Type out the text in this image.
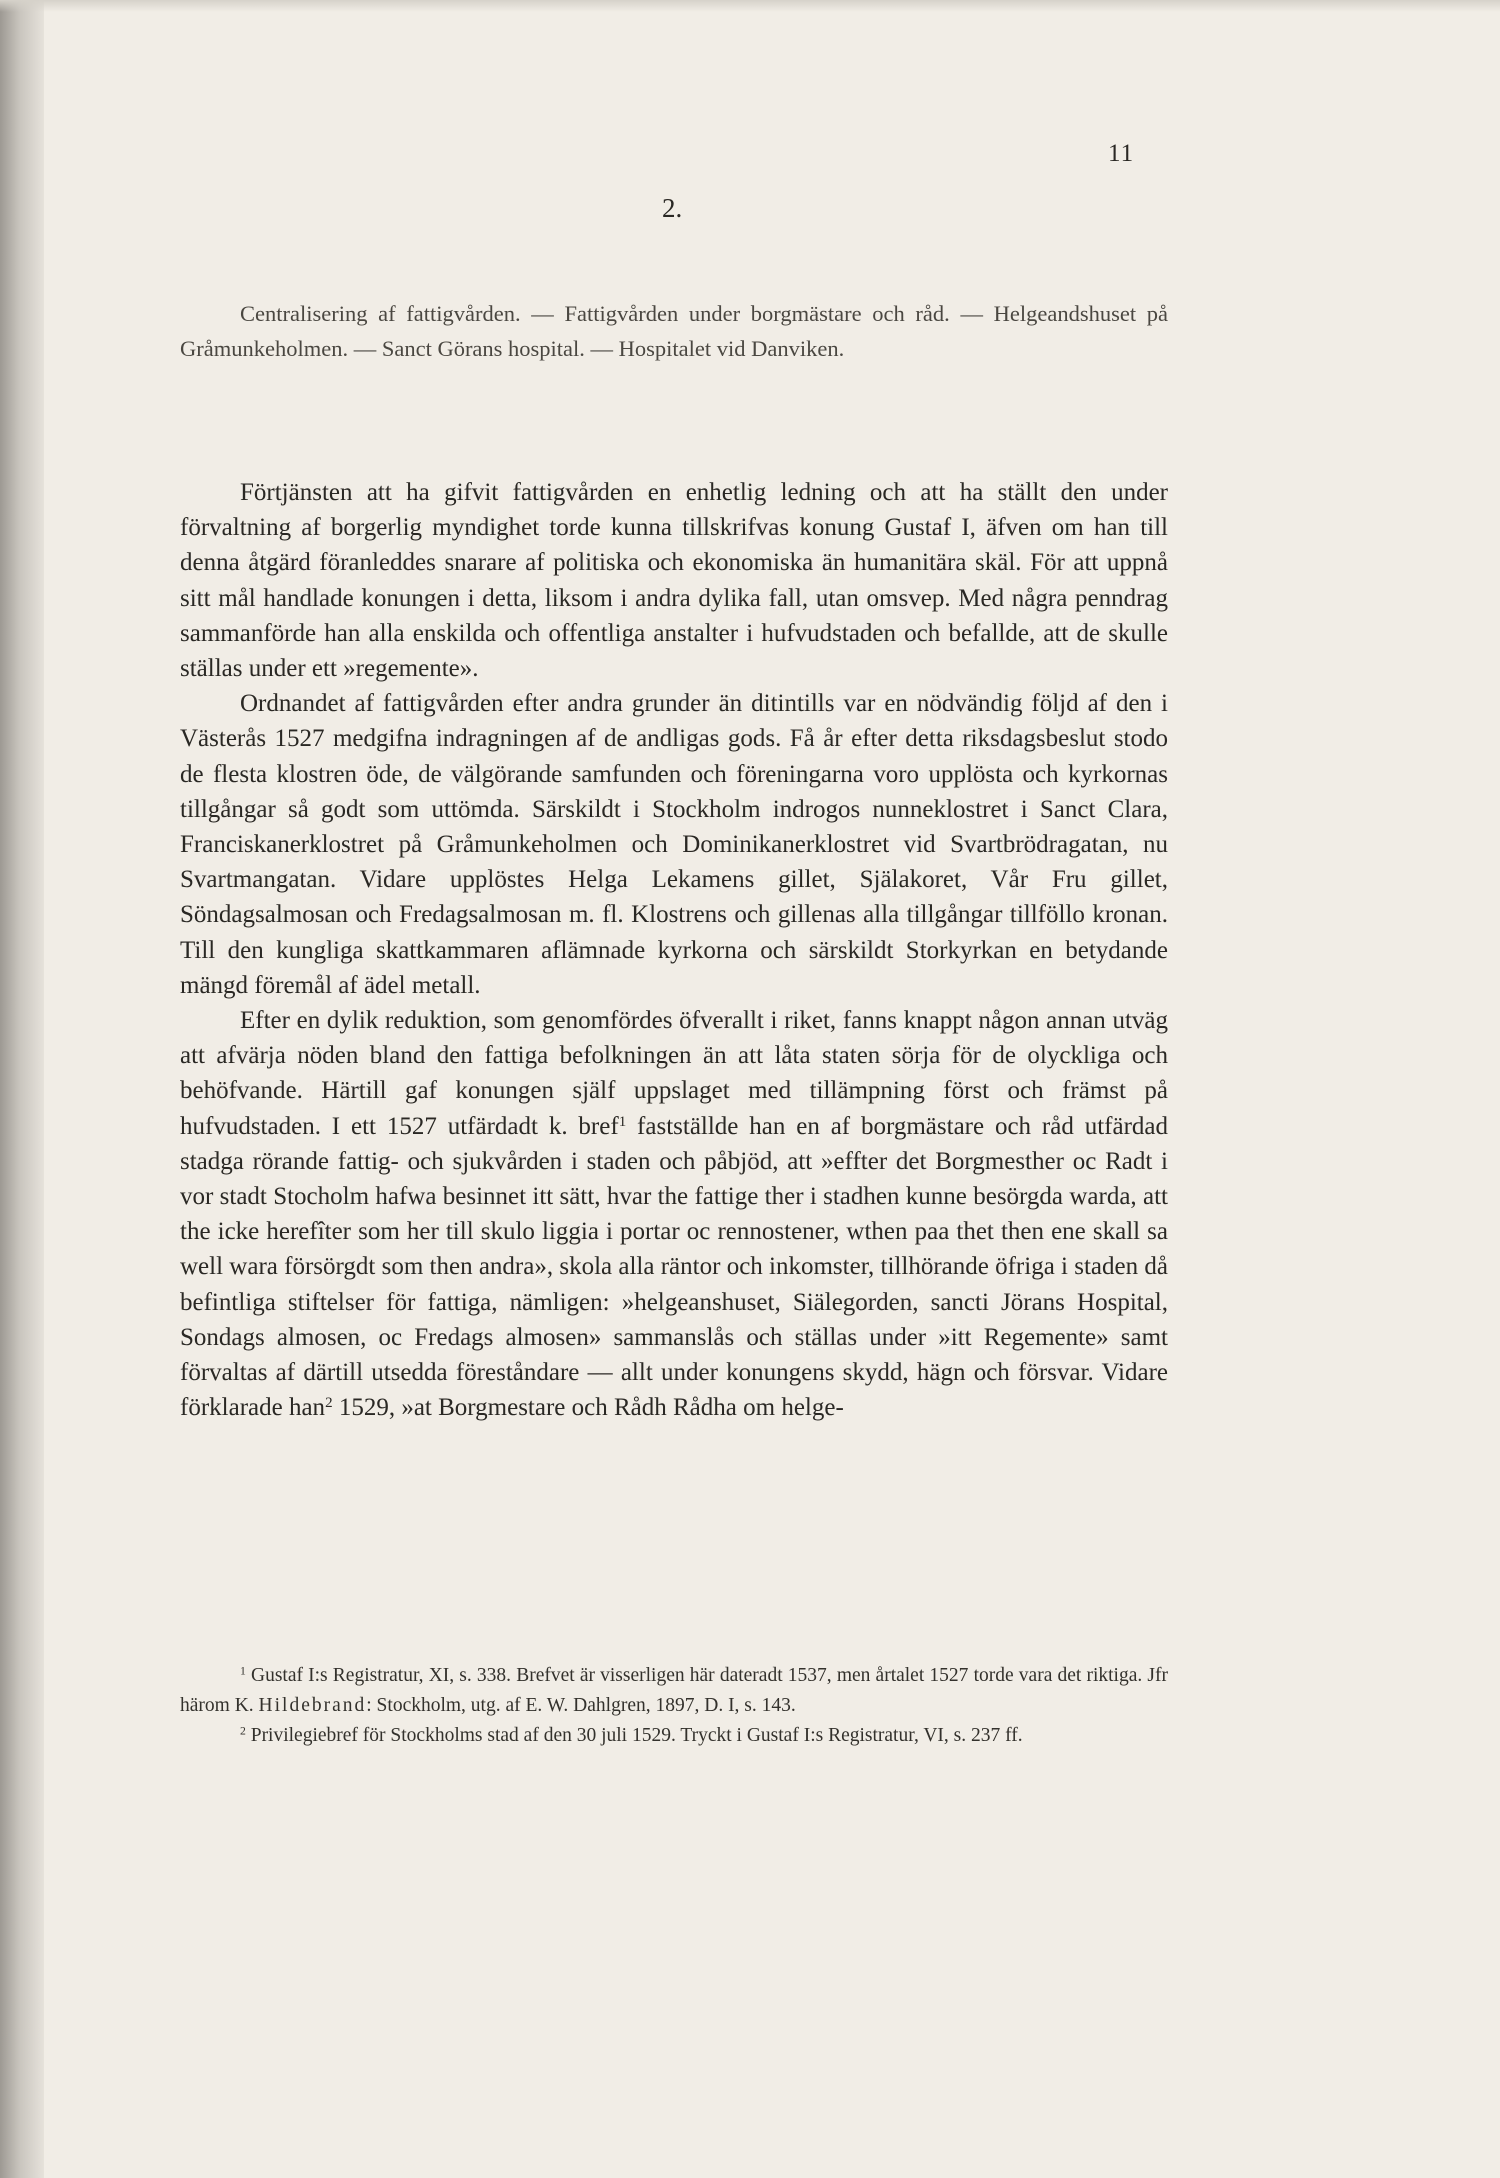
11
2.
Centralisering af fattigvården. — Fattigvården under borgmästare och råd. — Helgeandshuset på Gråmunkeholmen. — Sanct Görans hospital. — Hospitalet vid Danviken.

Förtjänsten att ha gifvit fattigvården en enhetlig ledning och att ha ställt den under förvaltning af borgerlig myndighet torde kunna tillskrifvas konung Gustaf I, äfven om han till denna åtgärd föranleddes snarare af politiska och ekonomiska än humanitära skäl. För att uppnå sitt mål handlade konungen i detta, liksom i andra dylika fall, utan omsvep. Med några penndrag sammanförde han alla enskilda och offentliga anstalter i hufvudstaden och befallde, att de skulle ställas under ett »regemente».

Ordnandet af fattigvården efter andra grunder än ditintills var en nödvändig följd af den i Västerås 1527 medgifna indragningen af de andligas gods. Få år efter detta riksdagsbeslut stodo de flesta klostren öde, de välgörande samfunden och föreningarna voro upplösta och kyrkornas tillgångar så godt som uttömda. Särskildt i Stockholm indrogos nunneklostret i Sanct Clara, Franciskanerklostret på Gråmunkeholmen och Dominikanerklostret vid Svartbrödragatan, nu Svartmangatan. Vidare upplöstes Helga Lekamens gillet, Själakoret, Vår Fru gillet, Söndagsalmosan och Fredagsalmosan m. fl. Klostrens och gillenas alla tillgångar tillföllo kronan. Till den kungliga skattkammaren aflämnade kyrkorna och särskildt Storkyrkan en betydande mängd föremål af ädel metall.

Efter en dylik reduktion, som genomfördes öfverallt i riket, fanns knappt någon annan utväg att afvärja nöden bland den fattiga befolkningen än att låta staten sörja för de olyckliga och behöfvande. Härtill gaf konungen själf uppslaget med tillämpning först och främst på hufvudstaden. I ett 1527 utfärdadt k. bref$^1$ fastställde han en af borgmästare och råd utfärdad stadga rörande fattig- och sjukvården i staden och påbjöd, att »effter det Borgmesther oc Radt i vor stadt Stocholm hafwa besinnet itt sätt, hvar the fattige ther i stadhen kunne besörgda warda, att the icke herefîter som her till skulo liggia i portar oc rennostener, wthen paa thet then ene skall sa well wara försörgdt som then andra», skola alla räntor och inkomster, tillhörande öfriga i staden då befintliga stiftelser för fattiga, nämligen: »helgeanshuset, Siälegorden, sancti Jörans Hospital, Sondags almosen, oc Fredags almosen» sammanslås och ställas under »itt Regemente» samt förvaltas af därtill utsedda föreståndare — allt under konungens skydd, hägn och försvar. Vidare förklarade han$^2$ 1529, »at Borgmestare och Rådh Rådha om helge-

$^1$ Gustaf I:s Registratur, XI, s. 338. Brefvet är visserligen här dateradt 1537, men årtalet 1527 torde vara det riktiga. Jfr härom K. Hildebrand: Stockholm, utg. af E. W. Dahlgren, 1897, D. I, s. 143.

$^2$ Privilegiebref för Stockholms stad af den 30 juli 1529. Tryckt i Gustaf I:s Registratur, VI, s. 237 ff.
